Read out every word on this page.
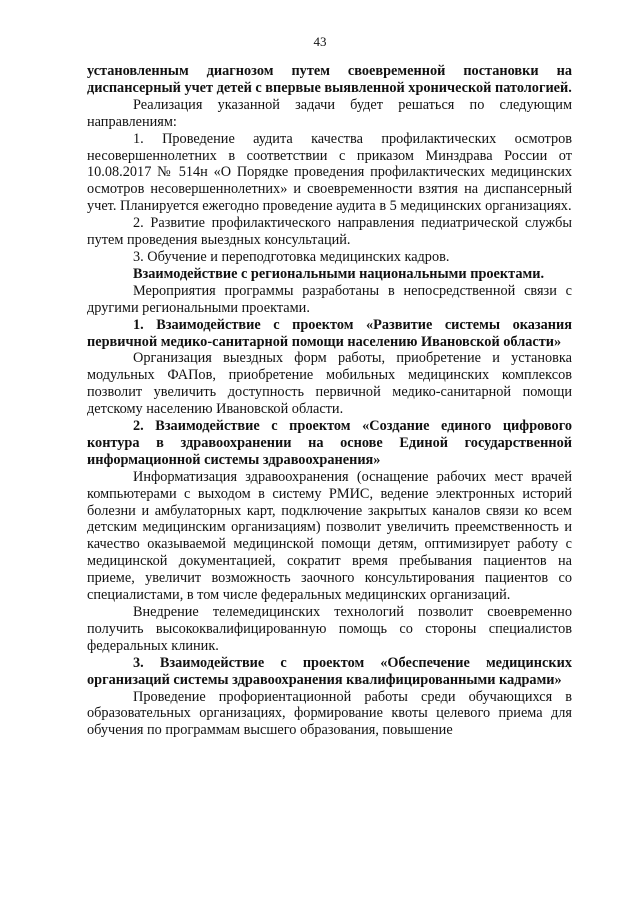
43

установленным диагнозом путем своевременной постановки на диспансерный учет детей с впервые выявленной хронической патологией.

Реализация указанной задачи будет решаться по следующим направлениям:

1. Проведение аудита качества профилактических осмотров несовершеннолетних в соответствии с приказом Минздрава России от 10.08.2017 № 514н «О Порядке проведения профилактических медицинских осмотров несовершеннолетних» и своевременности взятия на диспансерный учет. Планируется ежегодно проведение аудита в 5 медицинских организациях.

2. Развитие профилактического направления педиатрической службы путем проведения выездных консультаций.

3. Обучение и переподготовка медицинских кадров.

Взаимодействие с региональными национальными проектами.

Мероприятия программы разработаны в непосредственной связи с другими региональными проектами.

1. Взаимодействие с проектом «Развитие системы оказания первичной медико-санитарной помощи населению Ивановской области»

Организация выездных форм работы, приобретение и установка модульных ФАПов, приобретение мобильных медицинских комплексов позволит увеличить доступность первичной медико-санитарной помощи детскому населению Ивановской области.

2. Взаимодействие с проектом «Создание единого цифрового контура в здравоохранении на основе Единой государственной информационной системы здравоохранения»

Информатизация здравоохранения (оснащение рабочих мест врачей компьютерами с выходом в систему РМИС, ведение электронных историй болезни и амбулаторных карт, подключение закрытых каналов связи ко всем детским медицинским организациям) позволит увеличить преемственность и качество оказываемой медицинской помощи детям, оптимизирует работу с медицинской документацией, сократит время пребывания пациентов на приеме, увеличит возможность заочного консультирования пациентов со специалистами, в том числе федеральных медицинских организаций.

Внедрение телемедицинских технологий позволит своевременно получить высококвалифицированную помощь со стороны специалистов федеральных клиник.

3. Взаимодействие с проектом «Обеспечение медицинских организаций системы здравоохранения квалифицированными кадрами»

Проведение профориентационной работы среди обучающихся в образовательных организациях, формирование квоты целевого приема для обучения по программам высшего образования, повышение
